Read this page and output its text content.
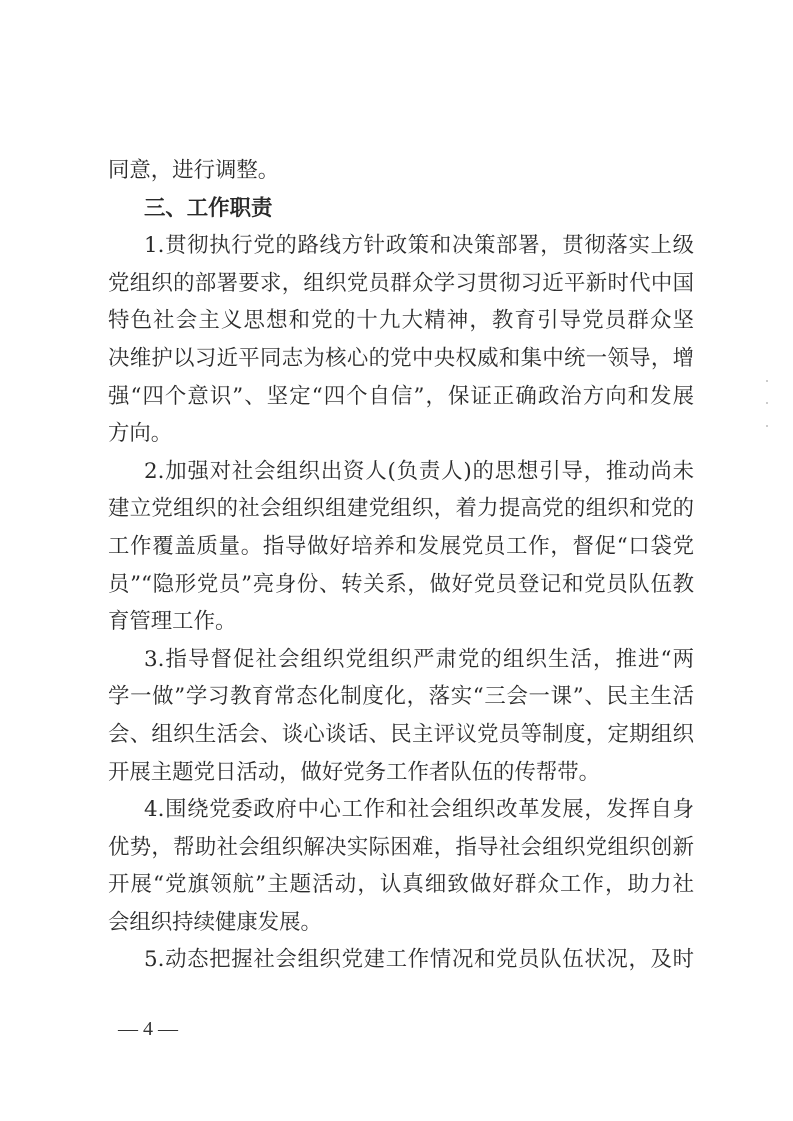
同意，进行调整。
三、工作职责
1.贯彻执行党的路线方针政策和决策部署，贯彻落实上级
党组织的部署要求，组织党员群众学习贯彻习近平新时代中国
特色社会主义思想和党的十九大精神，教育引导党员群众坚
决维护以习近平同志为核心的党中央权威和集中统一领导，增
强“四个意识”、坚定“四个自信”，保证正确政治方向和发展
方向。
2.加强对社会组织出资人(负责人)的思想引导，推动尚未
建立党组织的社会组织组建党组织，着力提高党的组织和党的
工作覆盖质量。指导做好培养和发展党员工作，督促“口袋党
员”“隐形党员”亮身份、转关系，做好党员登记和党员队伍教
育管理工作。
3.指导督促社会组织党组织严肃党的组织生活，推进“两
学一做”学习教育常态化制度化，落实“三会一课”、民主生活
会、组织生活会、谈心谈话、民主评议党员等制度，定期组织
开展主题党日活动，做好党务工作者队伍的传帮带。
4.围绕党委政府中心工作和社会组织改革发展，发挥自身
优势，帮助社会组织解决实际困难，指导社会组织党组织创新
开展“党旗领航”主题活动，认真细致做好群众工作，助力社
会组织持续健康发展。
5.动态把握社会组织党建工作情况和党员队伍状况，及时
— 4 —
